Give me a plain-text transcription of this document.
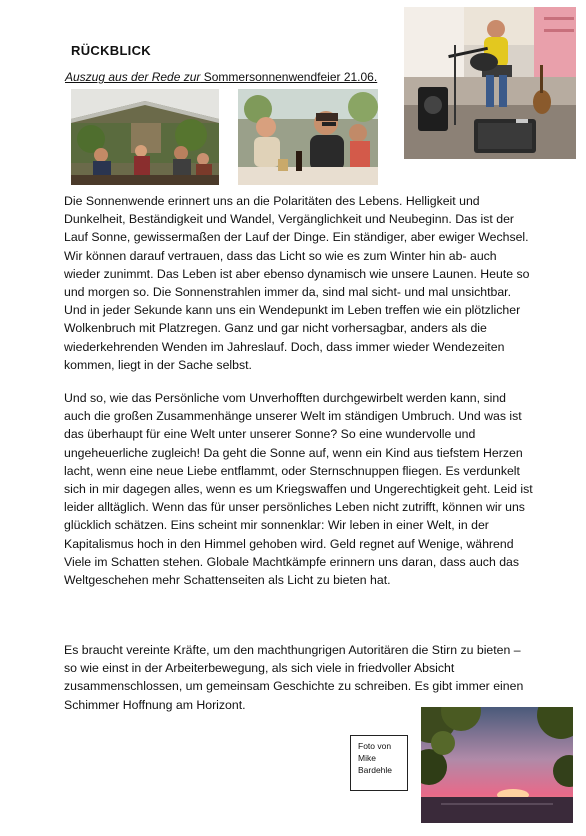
RÜCKBLICK
Auszug aus der Rede zur Sommersonnenwendfeier 21.06.

Die Sonnenwende erinnert uns an die Polaritäten des Lebens. Helligkeit und Dunkelheit, Beständigkeit und Wandel, Vergänglichkeit und Neubeginn. Das ist der Lauf Sonne, gewissermaßen der Lauf der Dinge. Ein ständiger, aber ewiger Wechsel. Wir können darauf vertrauen, dass das Licht so wie es zum Winter hin ab- auch wieder zunimmt. Das Leben ist aber ebenso dynamisch wie unsere Launen. Heute so und morgen so. Die Sonnenstrahlen immer da, sind mal sicht- und mal unsichtbar. Und in jeder Sekunde kann uns ein Wendepunkt im Leben treffen wie ein plötzlicher Wolkenbruch mit Platzregen. Ganz und gar nicht vorhersagbar, anders als die wiederkehrenden Wenden im Jahreslauf. Doch, dass immer wieder Wendezeiten kommen, liegt in der Sache selbst.

Und so, wie das Persönliche vom Unverhofften durchgewirbelt werden kann, sind auch die großen Zusammenhänge unserer Welt im ständigen Umbruch. Und was ist das überhaupt für eine Welt unter unserer Sonne? So eine wundervolle und ungeheuerliche zugleich! Da geht die Sonne auf, wenn ein Kind aus tiefstem Herzen lacht, wenn eine neue Liebe entflammt, oder Sternschnuppen fliegen. Es verdunkelt sich in mir dagegen alles, wenn es um Kriegswaffen und Ungerechtigkeit geht. Leid ist leider alltäglich. Wenn das für unser persönliches Leben nicht zutrifft, können wir uns glücklich schätzen. Eins scheint mir sonnenklar: Wir leben in einer Welt, in der Kapitalismus hoch in den Himmel gehoben wird. Geld regnet auf Wenige, während Viele im Schatten stehen. Globale Machtkämpfe erinnern uns daran, dass auch das Weltgeschehen mehr Schattenseiten als Licht zu bieten hat.

Es braucht vereinte Kräfte, um den machthungrigen Autoritären die Stirn zu bieten – so wie einst in der Arbeiterbewegung, als sich viele in friedvoller Absicht zusammenschlossen, um gemeinsam Geschichte zu schreiben. Es gibt immer einen Schimmer Hoffnung am Horizont.

Foto von
Mike
Bardehle
